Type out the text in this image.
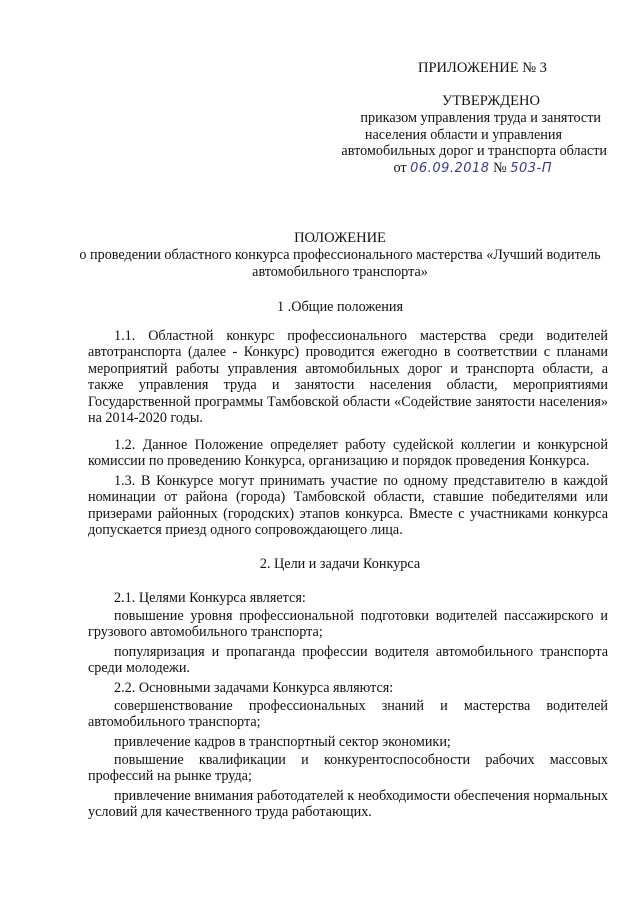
ПРИЛОЖЕНИЕ № 3
УТВЕРЖДЕНО
приказом управления труда и занятости
населения области и управления
автомобильных дорог и транспорта области
от 06.09.2018 № 503-П
ПОЛОЖЕНИЕ
о проведении областного конкурса профессионального мастерства «Лучший водитель автомобильного транспорта»
1 .Общие положения

1.1. Областной конкурс профессионального мастерства среди водителей автотранспорта (далее - Конкурс) проводится ежегодно в соответствии с планами мероприятий работы управления автомобильных дорог и транспорта области, а также управления труда и занятости населения области, мероприятиями Государственной программы Тамбовской области «Содействие занятости населения» на 2014-2020 годы.

1.2. Данное Положение определяет работу судейской коллегии и конкурсной комиссии по проведению Конкурса, организацию и порядок проведения Конкурса.

1.3. В Конкурсе могут принимать участие по одному представителю в каждой номинации от района (города) Тамбовской области, ставшие победителями или призерами районных (городских) этапов конкурса. Вместе с участниками конкурса допускается приезд одного сопровождающего лица.

2. Цели и задачи Конкурса

2.1. Целями Конкурса является:

повышение уровня профессиональной подготовки водителей пассажирского и грузового автомобильного транспорта;

популяризация и пропаганда профессии водителя автомобильного транспорта среди молодежи.

2.2. Основными задачами Конкурса являются:

совершенствование профессиональных знаний и мастерства водителей автомобильного транспорта;

привлечение кадров в транспортный сектор экономики;

повышение квалификации и конкурентоспособности рабочих массовых профессий на рынке труда;

привлечение внимания работодателей к необходимости обеспечения нормальных условий для качественного труда работающих.
